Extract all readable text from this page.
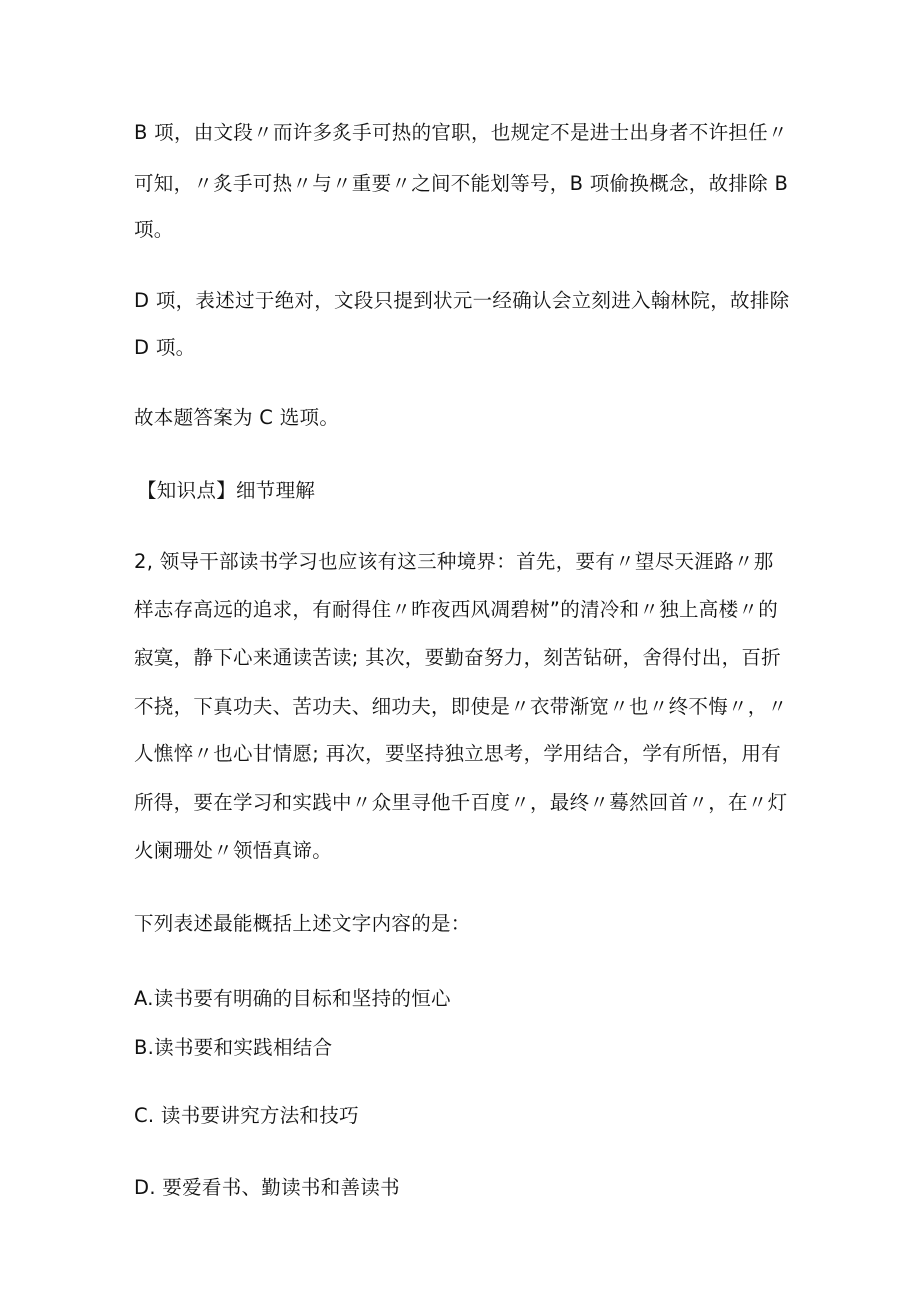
B 项，由文段〃而许多炙手可热的官职，也规定不是进士出身者不许担任〃
可知，〃炙手可热〃与〃重要〃之间不能划等号，B 项偷换概念，故排除 B
项。
D 项，表述过于绝对，文段只提到状元一经确认会立刻进入翰林院，故排除
D 项。
故本题答案为 C 选项。
【知识点】细节理解
2, 领导干部读书学习也应该有这三种境界：首先，要有〃望尽天涯路〃那
样志存高远的追求，有耐得住〃昨夜西风凋碧树”的清冷和〃独上高楼〃的
寂寞，静下心来通读苦读; 其次，要勤奋努力，刻苦钻研，舍得付出，百折
不挠，下真功夫、苦功夫、细功夫，即使是〃衣带渐宽〃也〃终不悔〃，〃
人憔悴〃也心甘情愿; 再次，要坚持独立思考，学用结合，学有所悟，用有
所得，要在学习和实践中〃众里寻他千百度〃，最终〃蓦然回首〃，在〃灯
火阑珊处〃领悟真谛。
下列表述最能概括上述文字内容的是：
A.读书要有明确的目标和坚持的恒心
B.读书要和实践相结合
C. 读书要讲究方法和技巧
D. 要爱看书、勤读书和善读书
